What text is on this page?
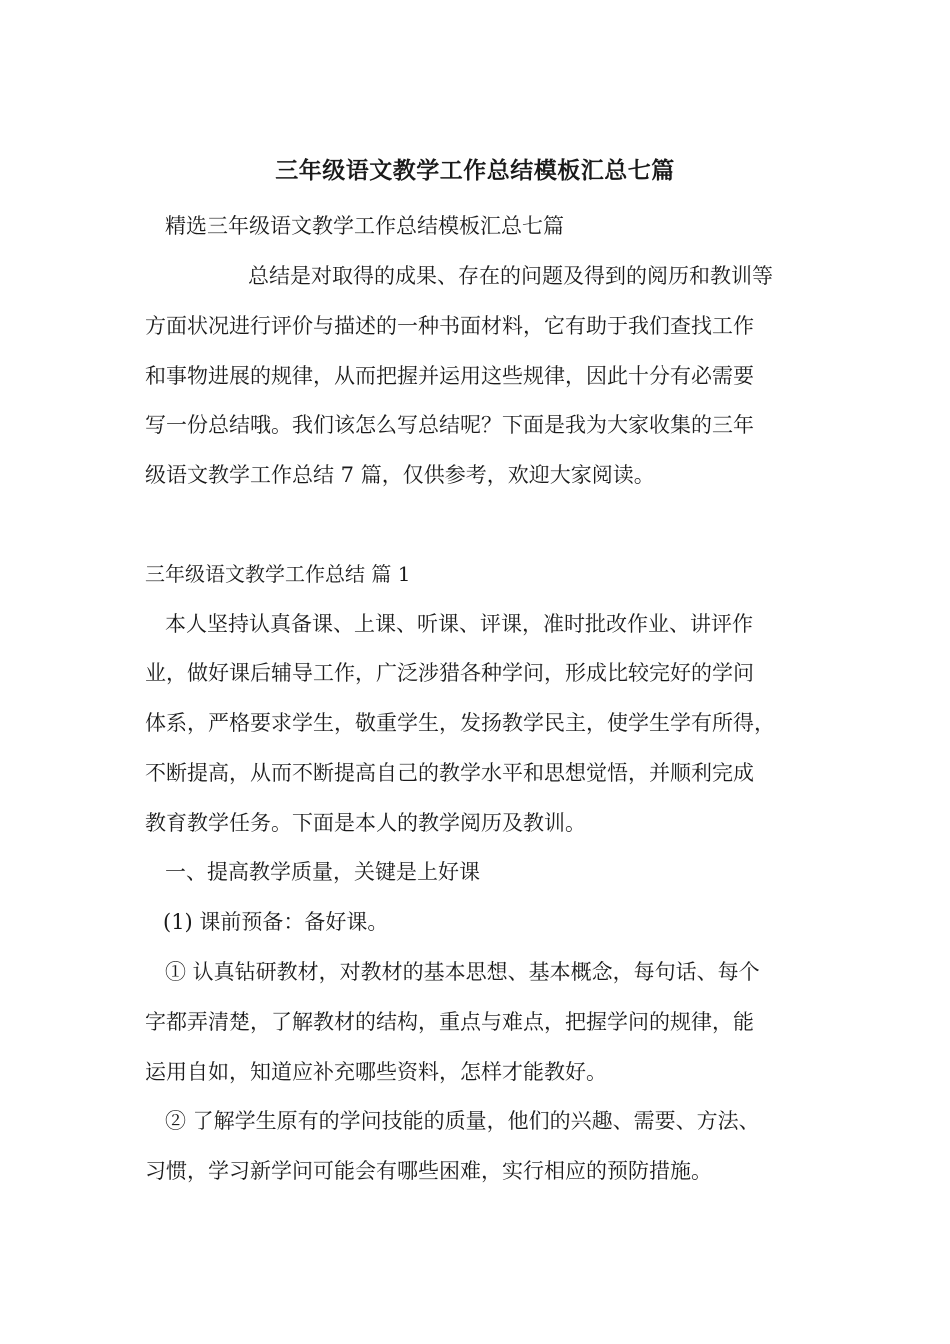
三年级语文教学工作总结模板汇总七篇
精选三年级语文教学工作总结模板汇总七篇
总结是对取得的成果、存在的问题及得到的阅历和教训等
方面状况进行评价与描述的一种书面材料，它有助于我们查找工作
和事物进展的规律，从而把握并运用这些规律，因此十分有必需要
写一份总结哦。我们该怎么写总结呢？下面是我为大家收集的三年
级语文教学工作总结 7 篇，仅供参考，欢迎大家阅读。
三年级语文教学工作总结 篇 1
本人坚持认真备课、上课、听课、评课，准时批改作业、讲评作
业，做好课后辅导工作，广泛涉猎各种学问，形成比较完好的学问
体系，严格要求学生，敬重学生，发扬教学民主，使学生学有所得，
不断提高，从而不断提高自己的教学水平和思想觉悟，并顺利完成
教育教学任务。下面是本人的教学阅历及教训。
一、提高教学质量，关键是上好课
(1) 课前预备：备好课。
① 认真钻研教材，对教材的基本思想、基本概念，每句话、每个
字都弄清楚，了解教材的结构，重点与难点，把握学问的规律，能
运用自如，知道应补充哪些资料，怎样才能教好。
② 了解学生原有的学问技能的质量，他们的兴趣、需要、方法、
习惯，学习新学问可能会有哪些困难，实行相应的预防措施。
